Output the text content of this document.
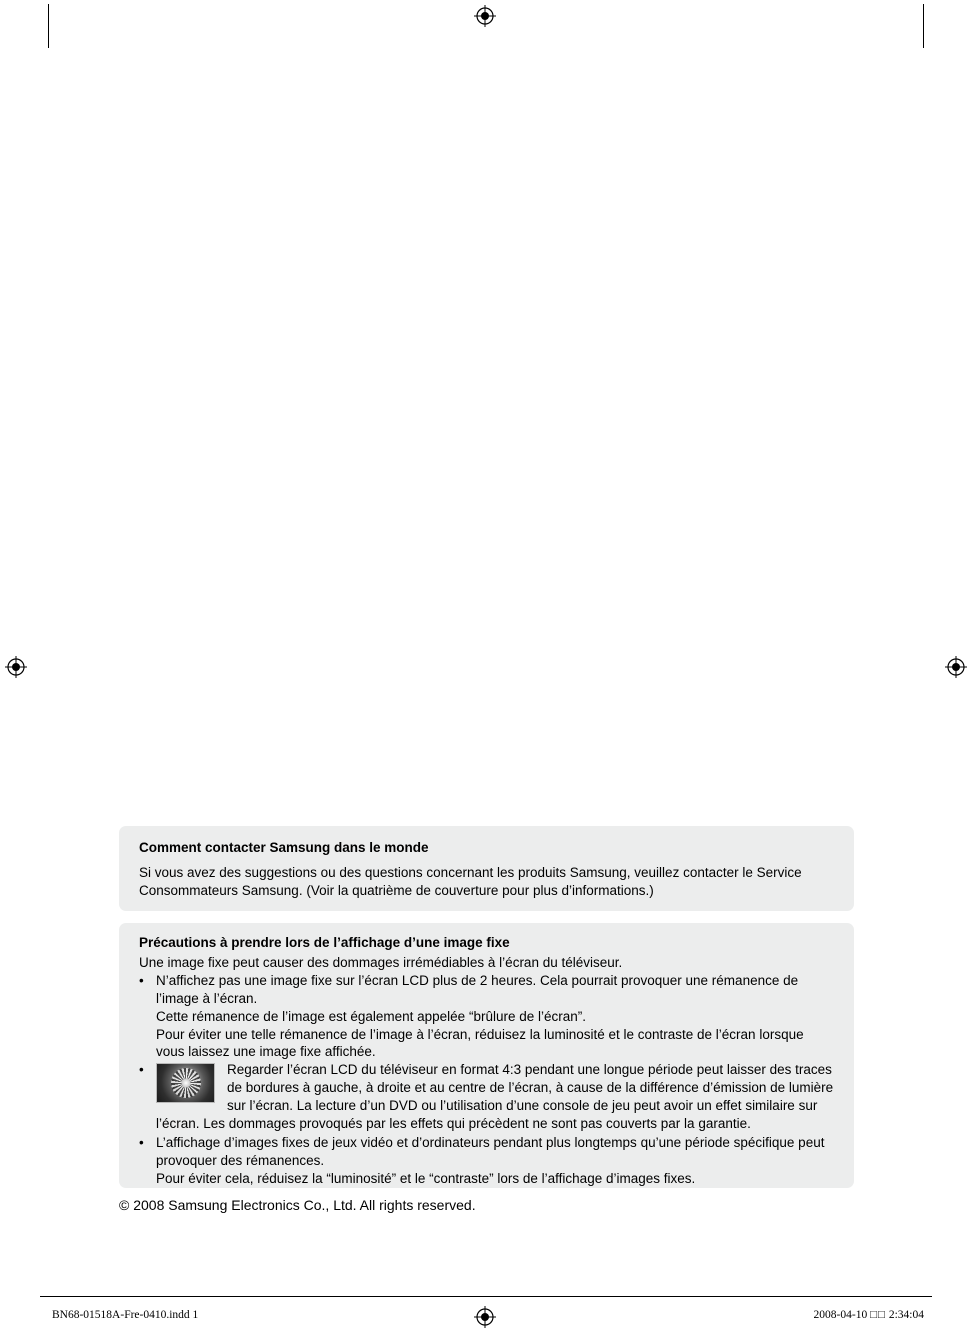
Comment contacter Samsung dans le monde
Si vous avez des suggestions ou des questions concernant les produits Samsung, veuillez contacter le Service Consommateurs Samsung. (Voir la quatrième de couverture pour plus d’informations.)
Précautions à prendre lors de l’affichage d’une image fixe
Une image fixe peut causer des dommages irrémédiables à l’écran du téléviseur.
• N’affichez pas une image fixe sur l’écran LCD plus de 2 heures. Cela pourrait provoquer une rémanence de l’image à l’écran.
Cette rémanence de l’image est également appelée “brûlure de l’écran”.
Pour éviter une telle rémanence de l’image à l’écran, réduisez la luminosité et le contraste de l’écran lorsque vous laissez une image fixe affichée.
•	Regarder l’écran LCD du téléviseur en format 4:3 pendant une longue période peut laisser des traces de bordures à gauche, à droite et au centre de l’écran, à cause de la différence d’émission de lumière sur l’écran. La lecture d’un DVD ou l’utilisation d’une console de jeu peut avoir un effet similaire sur l’écran. Les dommages provoqués par les effets qui précèdent ne sont pas couverts par la garantie.
• L’affichage d’images fixes de jeux vidéo et d’ordinateurs pendant plus longtemps qu’une période spécifique peut provoquer des rémanences.
Pour éviter cela, réduisez la “luminosité” et le “contraste” lors de l’affichage d’images fixes.
© 2008 Samsung Electronics Co., Ltd. All rights reserved.
BN68-01518A-Fre-0410.indd 1	2008-04-10 □□ 2:34:04
